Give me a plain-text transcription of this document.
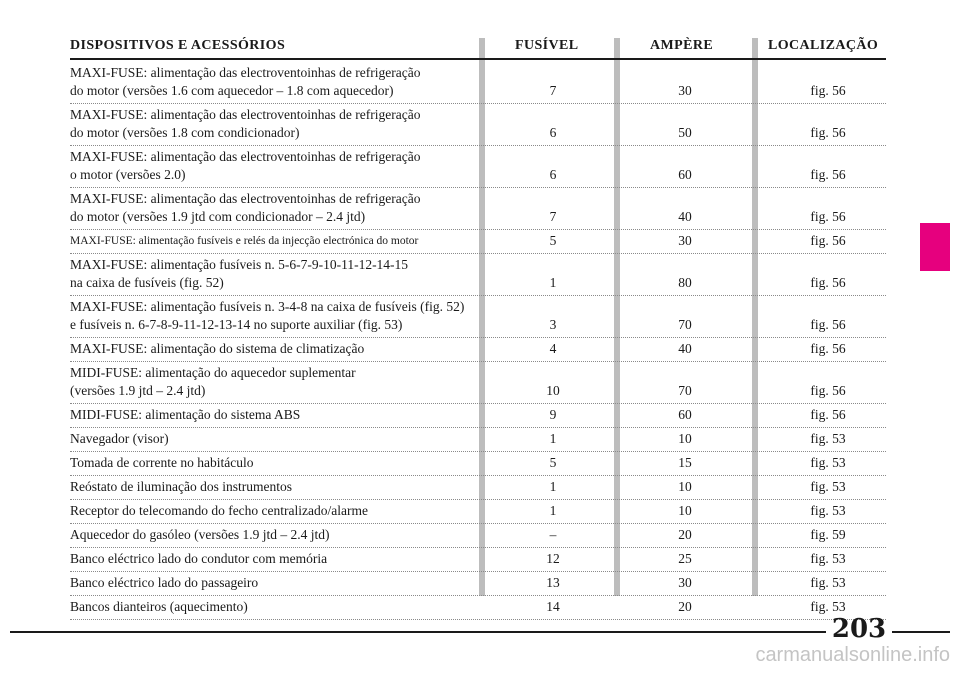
DISPOSITIVOS E ACESSÓRIOS	FUSÍVEL	AMPÈRE	LOCALIZAÇÃO
MAXI-FUSE: alimentação das electroventoinhas de refrigeração
do motor (versões 1.6 com aquecedor – 1.8 com aquecedor)	7	30	fig. 56
MAXI-FUSE: alimentação das electroventoinhas de refrigeração
do motor (versões 1.8 com condicionador)	6	50	fig. 56
MAXI-FUSE: alimentação das electroventoinhas de refrigeração
o motor (versões 2.0)	6	60	fig. 56
MAXI-FUSE: alimentação das electroventoinhas de refrigeração
do motor (versões 1.9 jtd com condicionador – 2.4 jtd)	7	40	fig. 56
MAXI-FUSE: alimentação fusíveis e relés da injecção electrónica do motor	5	30	fig. 56
MAXI-FUSE: alimentação fusíveis n. 5-6-7-9-10-11-12-14-15
na caixa de fusíveis (fig. 52)	1	80	fig. 56
MAXI-FUSE: alimentação fusíveis n. 3-4-8 na caixa de fusíveis (fig. 52)
e fusíveis n. 6-7-8-9-11-12-13-14 no suporte auxiliar (fig. 53)	3	70	fig. 56
MAXI-FUSE: alimentação do sistema de climatização	4	40	fig. 56
MIDI-FUSE: alimentação do aquecedor suplementar
(versões 1.9 jtd – 2.4 jtd)	10	70	fig. 56
MIDI-FUSE: alimentação do sistema ABS	9	60	fig. 56
Navegador (visor)	1	10	fig. 53
Tomada de corrente no habitáculo	5	15	fig. 53
Reóstato de iluminação dos instrumentos	1	10	fig. 53
Receptor do telecomando do fecho centralizado/alarme	1	10	fig. 53
Aquecedor do gasóleo (versões 1.9 jtd – 2.4 jtd)	–	20	fig. 59
Banco eléctrico lado do condutor com memória	12	25	fig. 53
Banco eléctrico lado do passageiro	13	30	fig. 53
Bancos dianteiros (aquecimento)	14	20	fig. 53
203
carmanualsonline.info
